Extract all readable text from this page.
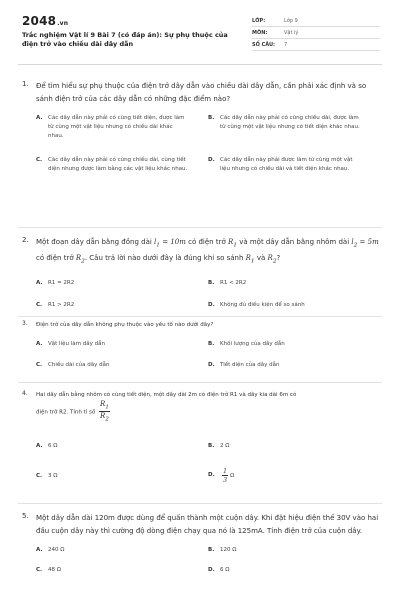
2048.vn
Trắc nghiệm Vật lí 9 Bài 7 (có đáp án): Sự phụ thuộc của điện trở vào chiều dài dây dẫn
LỚP:	Lớp 9
MÔN:	Vật lý
SỐ CÂU:	7
1.	Để tìm hiểu sự phụ thuộc của điện trở dây dẫn vào chiều dài dây dẫn, cần phải xác định và so sánh điện trở của các dây dẫn có những đặc điểm nào?
A.	Các dây dẫn này phải có cùng tiết diện, được làm từ cùng một vật liệu nhưng có chiều dài khác nhau.
B.	Các dây dẫn này phải có cùng chiều dài, được làm từ cùng một vật liệu nhưng có tiết diện khác nhau.
C.	Các dây dẫn này phải có cùng chiều dài, cùng tiết diện nhưng được làm bằng các vật liệu khác nhau.
D. Các dây dẫn này phải được làm từ cùng một vật liệu nhưng có chiều dài và tiết diện khác nhau.
2.	Một đoạn dây dẫn bằng đồng dài $l_1 = 10m$ có điện trở $R_1$ và một dây dẫn bằng nhôm dài $l_2 = 5m$ có điện trở $R_2$. Câu trả lời nào dưới đây là đúng khi so sánh $R_1$ và $R_2$?
A.	R1 = 2R2	B.	R1 < 2R2
C.	R1 > 2R2	D. Không đủ điều kiện để so sánh
3.	Điện trở của dây dẫn không phụ thuộc vào yếu tố nào dưới đây?
A.	Vật liệu làm dây dẫn	B.	Khối lượng của dây dẫn
C.	Chiều dài của dây dẫn	D. Tiết diện của dây dẫn
4.	Hai dây dẫn bằng nhôm có cùng tiết diện, một dây dài 2m có điện trở R1 và dây kia dài 6m có
điện trở R2. Tính tỉ số $\frac{R_1}{R_2}$
A.	6 Ω	B.	2 Ω
C.	3 Ω	D.	$\frac{1}{3}$ Ω
5.	Một dây dẫn dài 120m được dùng để quấn thành một cuộn dây. Khi đặt hiệu điện thế 30V vào hai đầu cuộn dây này thì cường độ dòng điện chạy qua nó là 125mA. Tính điện trở của cuộn dây.
A.	240 Ω	B.	120 Ω
C.	48 Ω	D. 6 Ω
